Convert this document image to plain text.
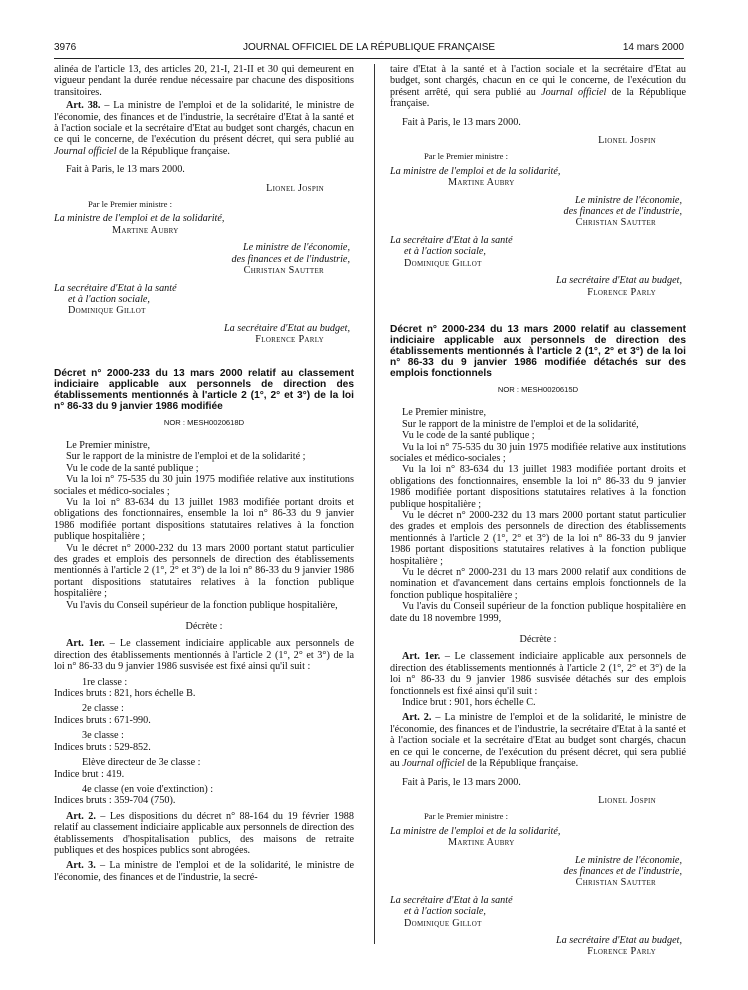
3976	JOURNAL OFFICIEL DE LA RÉPUBLIQUE FRANÇAISE	14 mars 2000

alinéa de l'article 13, des articles 20, 21-I, 21-II et 30 qui demeurent en vigueur pendant la durée rendue nécessaire par chacune des dispositions transitoires.

Art. 38. – La ministre de l'emploi et de la solidarité, le ministre de l'économie, des finances et de l'industrie, la secrétaire d'Etat à la santé et à l'action sociale et la secrétaire d'Etat au budget sont chargés, chacun en ce qui le concerne, de l'exécution du présent décret, qui sera publié au Journal officiel de la République française.

Fait à Paris, le 13 mars 2000.

Lionel Jospin

Par le Premier ministre :

La ministre de l'emploi et de la solidarité,

Martine Aubry

Le ministre de l'économie,

des finances et de l'industrie,

Christian Sautter

La secrétaire d'Etat à la santé

et à l'action sociale,

Dominique Gillot

La secrétaire d'Etat au budget,

Florence Parly

Décret n° 2000-233 du 13 mars 2000 relatif au classement indiciaire applicable aux personnels de direction des établissements mentionnés à l'article 2 (1°, 2° et 3°) de la loi n° 86-33 du 9 janvier 1986 modifiée

NOR : MESH0020618D

Le Premier ministre,

Sur le rapport de la ministre de l'emploi et de la solidarité ;

Vu le code de la santé publique ;

Vu la loi n° 75-535 du 30 juin 1975 modifiée relative aux institutions sociales et médico-sociales ;

Vu la loi n° 83-634 du 13 juillet 1983 modifiée portant droits et obligations des fonctionnaires, ensemble la loi n° 86-33 du 9 janvier 1986 modifiée portant dispositions statutaires relatives à la fonction publique hospitalière ;

Vu le décret n° 2000-232 du 13 mars 2000 portant statut particulier des grades et emplois des personnels de direction des établissements mentionnés à l'article 2 (1°, 2° et 3°) de la loi n° 86-33 du 9 janvier 1986 portant dispositions statutaires relatives à la fonction publique hospitalière ;

Vu l'avis du Conseil supérieur de la fonction publique hospitalière,

Décrète :

Art. 1er. – Le classement indiciaire applicable aux personnels de direction des établissements mentionnés à l'article 2 (1°, 2° et 3°) de la loi n° 86-33 du 9 janvier 1986 susvisée est fixé ainsi qu'il suit :

1re classe :

Indices bruts : 821, hors échelle B.

2e classe :

Indices bruts : 671-990.

3e classe :

Indices bruts : 529-852.

Elève directeur de 3e classe :

Indice brut : 419.

4e classe (en voie d'extinction) :

Indices bruts : 359-704 (750).

Art. 2. – Les dispositions du décret n° 88-164 du 19 février 1988 relatif au classement indiciaire applicable aux personnels de direction des établissements d'hospitalisation publics, des maisons de retraite publiques et des hospices publics sont abrogées.

Art. 3. – La ministre de l'emploi et de la solidarité, le ministre de l'économie, des finances et de l'industrie, la secré-

taire d'Etat à la santé et à l'action sociale et la secrétaire d'Etat au budget, sont chargés, chacun en ce qui le concerne, de l'exécution du présent arrêté, qui sera publié au Journal officiel de la République française.

Fait à Paris, le 13 mars 2000.

Lionel Jospin

Par le Premier ministre :

La ministre de l'emploi et de la solidarité,

Martine Aubry

Le ministre de l'économie,

des finances et de l'industrie,

Christian Sautter

La secrétaire d'Etat à la santé

et à l'action sociale,

Dominique Gillot

La secrétaire d'Etat au budget,

Florence Parly

Décret n° 2000-234 du 13 mars 2000 relatif au classement indiciaire applicable aux personnels de direction des établissements mentionnés à l'article 2 (1°, 2° et 3°) de la loi n° 86-33 du 9 janvier 1986 modifiée détachés sur des emplois fonctionnels

NOR : MESH0020615D

Le Premier ministre,

Sur le rapport de la ministre de l'emploi et de la solidarité,

Vu le code de la santé publique ;

Vu la loi n° 75-535 du 30 juin 1975 modifiée relative aux institutions sociales et médico-sociales ;

Vu la loi n° 83-634 du 13 juillet 1983 modifiée portant droits et obligations des fonctionnaires, ensemble la loi n° 86-33 du 9 janvier 1986 modifiée portant dispositions statutaires relatives à la fonction publique hospitalière ;

Vu le décret n° 2000-232 du 13 mars 2000 portant statut particulier des grades et emplois des personnels de direction des établissements mentionnés à l'article 2 (1°, 2° et 3°) de la loi n° 86-33 du 9 janvier 1986 portant dispositions statutaires relatives à la fonction publique hospitalière ;

Vu le décret n° 2000-231 du 13 mars 2000 relatif aux conditions de nomination et d'avancement dans certains emplois fonctionnels de la fonction publique hospitalière ;

Vu l'avis du Conseil supérieur de la fonction publique hospitalière en date du 18 novembre 1999,

Décrète :

Art. 1er. – Le classement indiciaire applicable aux personnels de direction des établissements mentionnés à l'article 2 (1°, 2° et 3°) de la loi n° 86-33 du 9 janvier 1986 susvisée détachés sur des emplois fonctionnels est fixé ainsi qu'il suit :

Indice brut : 901, hors échelle C.

Art. 2. – La ministre de l'emploi et de la solidarité, le ministre de l'économie, des finances et de l'industrie, la secrétaire d'Etat à la santé et à l'action sociale et la secrétaire d'Etat au budget sont chargés, chacun en ce qui le concerne, de l'exécution du présent décret, qui sera publié au Journal officiel de la République française.

Fait à Paris, le 13 mars 2000.

Lionel Jospin

Par le Premier ministre :

La ministre de l'emploi et de la solidarité,

Martine Aubry

Le ministre de l'économie,

des finances et de l'industrie,

Christian Sautter

La secrétaire d'Etat à la santé

et à l'action sociale,

Dominique Gillot

La secrétaire d'Etat au budget,

Florence Parly
